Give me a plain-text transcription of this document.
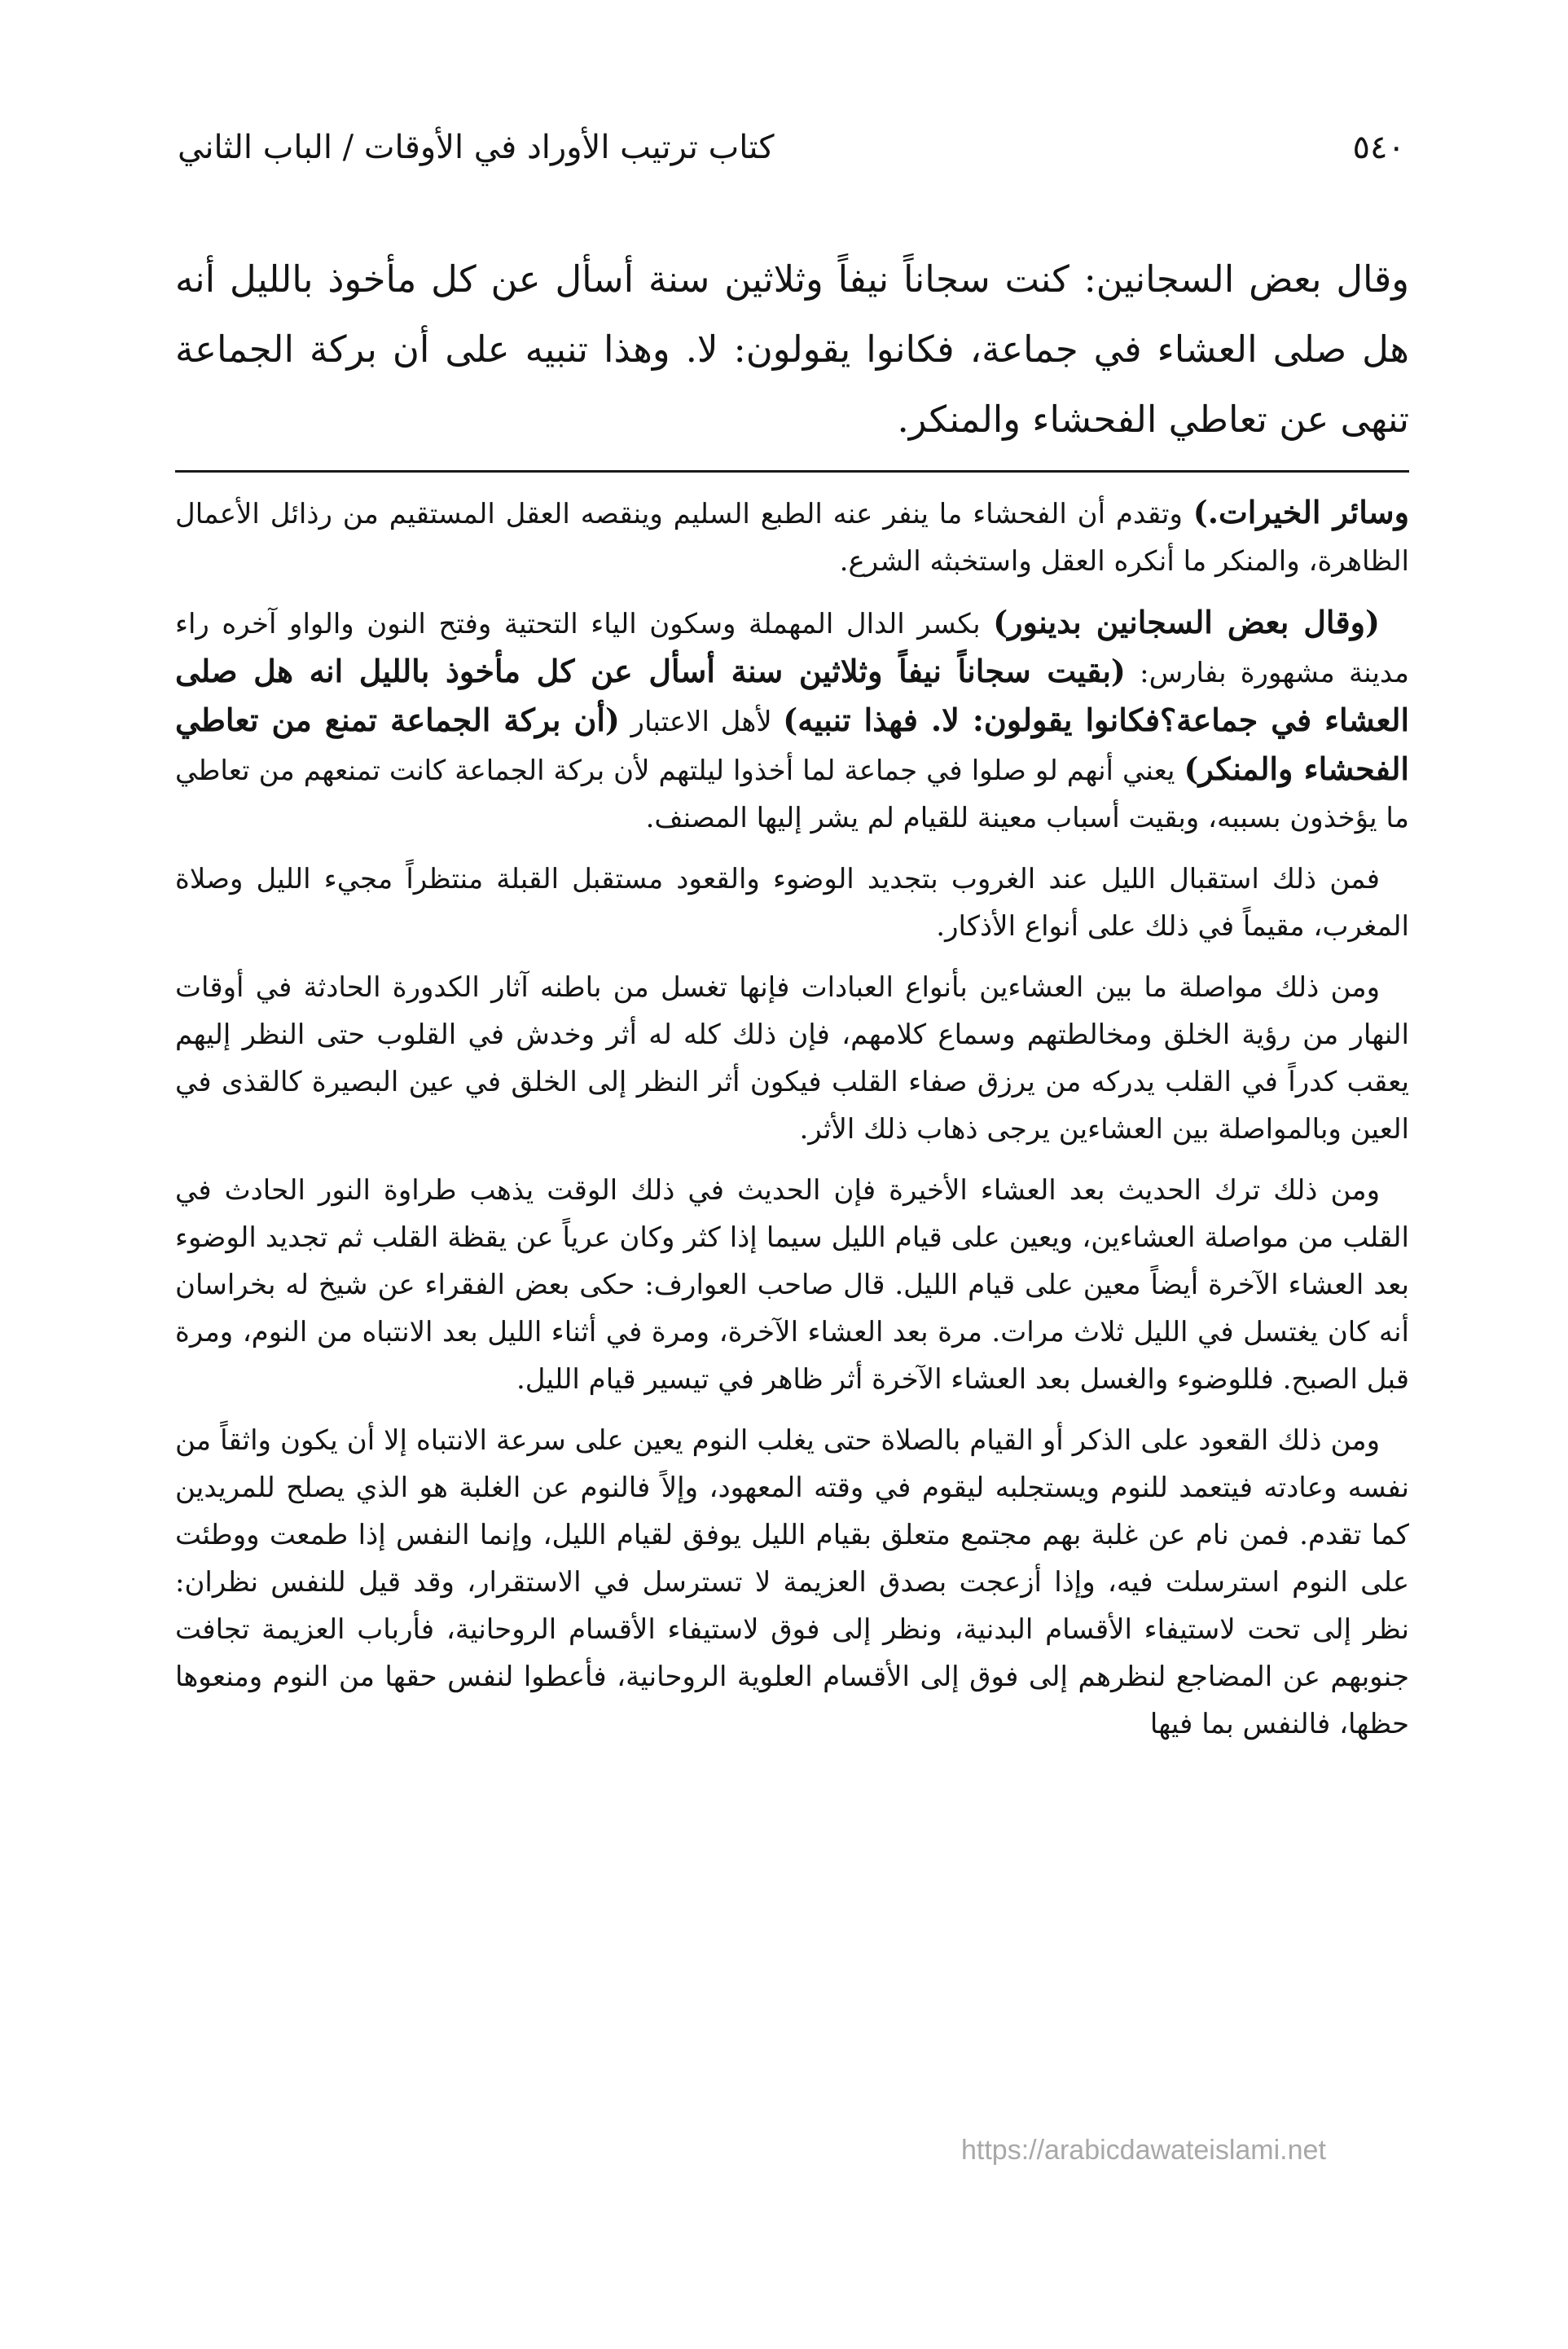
٥٤٠
كتاب ترتيب الأوراد في الأوقات / الباب الثاني

وقال بعض السجانين: كنت سجاناً نيفاً وثلاثين سنة أسأل عن كل مأخوذ بالليل أنه هل صلى العشاء في جماعة، فكانوا يقولون: لا. وهذا تنبيه على أن بركة الجماعة تنهى عن تعاطي الفحشاء والمنكر.

وسائر الخيرات.) وتقدم أن الفحشاء ما ينفر عنه الطبع السليم وينقصه العقل المستقيم من رذائل الأعمال الظاهرة، والمنكر ما أنكره العقل واستخبثه الشرع.

(وقال بعض السجانين بدينور) بكسر الدال المهملة وسكون الياء التحتية وفتح النون والواو آخره راء مدينة مشهورة بفارس: (بقيت سجاناً نيفاً وثلاثين سنة أسأل عن كل مأخوذ بالليل انه هل صلى العشاء في جماعة؟فكانوا يقولون: لا. فهذا تنبيه) لأهل الاعتبار (أن بركة الجماعة تمنع من تعاطي الفحشاء والمنكر) يعني أنهم لو صلوا في جماعة لما أخذوا ليلتهم لأن بركة الجماعة كانت تمنعهم من تعاطي ما يؤخذون بسببه، وبقيت أسباب معينة للقيام لم يشر إليها المصنف.

فمن ذلك استقبال الليل عند الغروب بتجديد الوضوء والقعود مستقبل القبلة منتظراً مجيء الليل وصلاة المغرب، مقيماً في ذلك على أنواع الأذكار.

ومن ذلك مواصلة ما بين العشاءين بأنواع العبادات فإنها تغسل من باطنه آثار الكدورة الحادثة في أوقات النهار من رؤية الخلق ومخالطتهم وسماع كلامهم، فإن ذلك كله له أثر وخدش في القلوب حتى النظر إليهم يعقب كدراً في القلب يدركه من يرزق صفاء القلب فيكون أثر النظر إلى الخلق في عين البصيرة كالقذى في العين وبالمواصلة بين العشاءين يرجى ذهاب ذلك الأثر.

ومن ذلك ترك الحديث بعد العشاء الأخيرة فإن الحديث في ذلك الوقت يذهب طراوة النور الحادث في القلب من مواصلة العشاءين، ويعين على قيام الليل سيما إذا كثر وكان عرياً عن يقظة القلب ثم تجديد الوضوء بعد العشاء الآخرة أيضاً معين على قيام الليل. قال صاحب العوارف: حكى بعض الفقراء عن شيخ له بخراسان أنه كان يغتسل في الليل ثلاث مرات. مرة بعد العشاء الآخرة، ومرة في أثناء الليل بعد الانتباه من النوم، ومرة قبل الصبح. فللوضوء والغسل بعد العشاء الآخرة أثر ظاهر في تيسير قيام الليل.

ومن ذلك القعود على الذكر أو القيام بالصلاة حتى يغلب النوم يعين على سرعة الانتباه إلا أن يكون واثقاً من نفسه وعادته فيتعمد للنوم ويستجلبه ليقوم في وقته المعهود، وإلاً فالنوم عن الغلبة هو الذي يصلح للمريدين كما تقدم. فمن نام عن غلبة بهم مجتمع متعلق بقيام الليل يوفق لقيام الليل، وإنما النفس إذا طمعت ووطئت على النوم استرسلت فيه، وإذا أزعجت بصدق العزيمة لا تسترسل في الاستقرار، وقد قيل للنفس نظران: نظر إلى تحت لاستيفاء الأقسام البدنية، ونظر إلى فوق لاستيفاء الأقسام الروحانية، فأرباب العزيمة تجافت جنوبهم عن المضاجع لنظرهم إلى فوق إلى الأقسام العلوية الروحانية، فأعطوا لنفس حقها من النوم ومنعوها حظها، فالنفس بما فيها

https://arabicdawateislami.net
